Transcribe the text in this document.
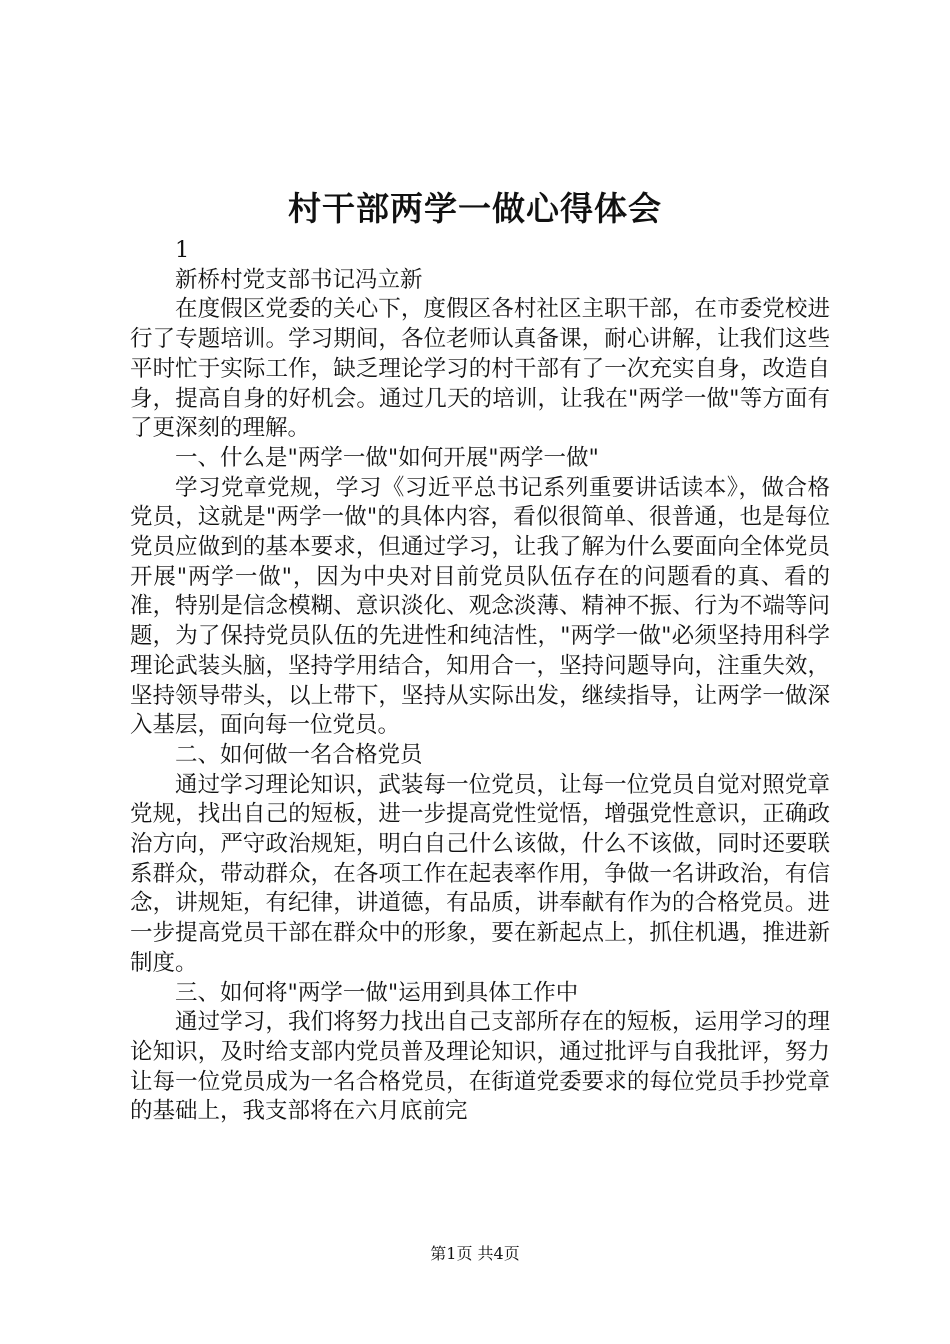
村干部两学一做心得体会

1

新桥村党支部书记冯立新

在度假区党委的关心下，度假区各村社区主职干部，在市委党校进行了专题培训。学习期间，各位老师认真备课，耐心讲解，让我们这些平时忙于实际工作，缺乏理论学习的村干部有了一次充实自身，改造自身，提高自身的好机会。通过几天的培训，让我在"两学一做"等方面有了更深刻的理解。

一、什么是"两学一做"如何开展"两学一做"

学习党章党规，学习《习近平总书记系列重要讲话读本》，做合格党员，这就是"两学一做"的具体内容，看似很简单、很普通，也是每位党员应做到的基本要求，但通过学习，让我了解为什么要面向全体党员开展"两学一做"，因为中央对目前党员队伍存在的问题看的真、看的准，特别是信念模糊、意识淡化、观念淡薄、精神不振、行为不端等问题，为了保持党员队伍的先进性和纯洁性，"两学一做"必须坚持用科学理论武装头脑，坚持学用结合，知用合一，坚持问题导向，注重失效，坚持领导带头，以上带下，坚持从实际出发，继续指导，让两学一做深入基层，面向每一位党员。

二、如何做一名合格党员

通过学习理论知识，武装每一位党员，让每一位党员自觉对照党章党规，找出自己的短板，进一步提高党性觉悟，增强党性意识，正确政治方向，严守政治规矩，明白自己什么该做，什么不该做，同时还要联系群众，带动群众，在各项工作在起表率作用，争做一名讲政治，有信念，讲规矩，有纪律，讲道德，有品质，讲奉献有作为的合格党员。进一步提高党员干部在群众中的形象，要在新起点上，抓住机遇，推进新制度。

三、如何将"两学一做"运用到具体工作中

通过学习，我们将努力找出自己支部所存在的短板，运用学习的理论知识，及时给支部内党员普及理论知识，通过批评与自我批评，努力让每一位党员成为一名合格党员，在街道党委要求的每位党员手抄党章的基础上，我支部将在六月底前完

第1页 共4页
